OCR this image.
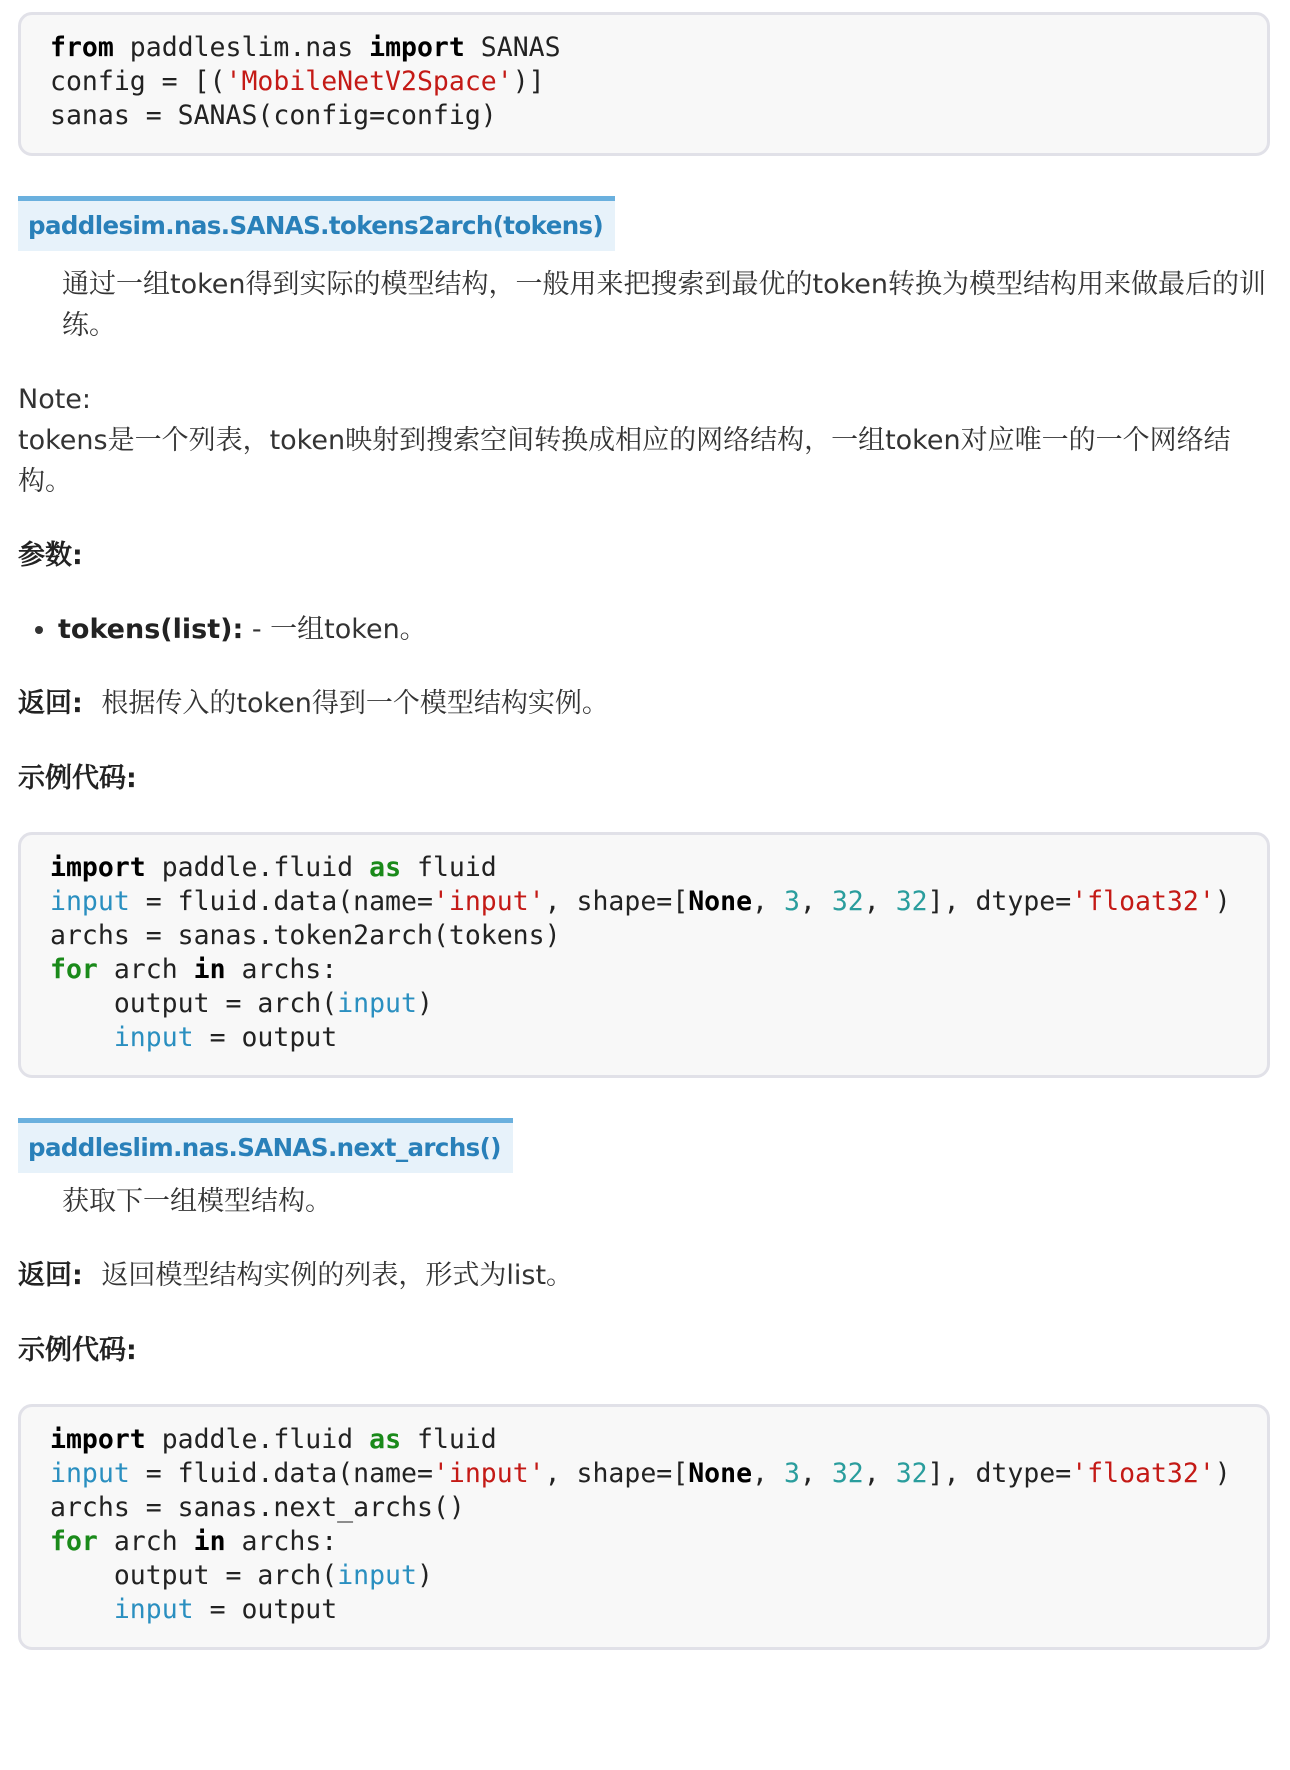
from paddleslim.nas import SANAS
config = [('MobileNetV2Space')]
sanas = SANAS(config=config)
paddlesim.nas.SANAS.tokens2arch(tokens)

通过一组token得到实际的模型结构，一般用来把搜索到最优的token转换为模型结构用来做最后的训练。

Note:

tokens是一个列表，token映射到搜索空间转换成相应的网络结构，一组token对应唯一的一个网络结构。

参数:

• tokens(list): - 一组token。

返回: 根据传入的token得到一个模型结构实例。

示例代码:

import paddle.fluid as fluid
input = fluid.data(name='input', shape=[None, 3, 32, 32], dtype='float32')
archs = sanas.token2arch(tokens)
for arch in archs:
output = arch(input)
input = output
paddleslim.nas.SANAS.next_archs()

获取下一组模型结构。

返回: 返回模型结构实例的列表，形式为list。

示例代码:

import paddle.fluid as fluid
input = fluid.data(name='input', shape=[None, 3, 32, 32], dtype='float32')
archs = sanas.next_archs()
for arch in archs:
output = arch(input)
input = output
